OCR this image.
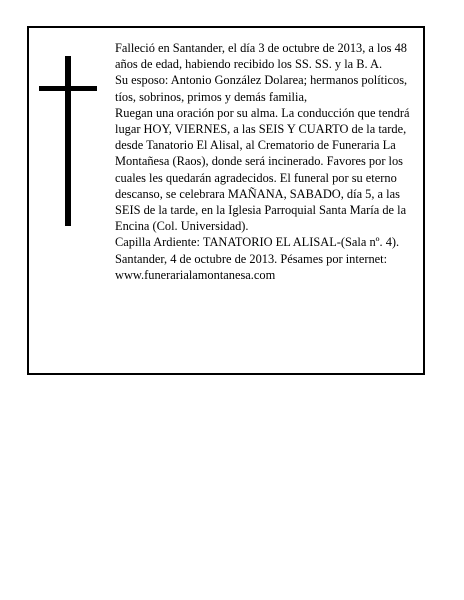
Falleció en Santander, el día 3 de octubre de 2013, a los 48 años de edad, habiendo recibido los SS. SS. y la B. A.

Su esposo: Antonio González Dolarea; hermanos políticos, tíos, sobrinos, primos y demás familia,

Ruegan una oración por su alma. La conducción que tendrá lugar HOY, VIERNES, a las SEIS Y CUARTO de la tarde, desde Tanatorio El Alisal, al Crematorio de Funeraria La Montañesa (Raos), donde será incinerado. Favores por los cuales les quedarán agradecidos. El funeral por su eterno descanso, se celebrara MAÑANA, SABADO, día 5, a las SEIS de la tarde, en la Iglesia Parroquial Santa María de la Encina (Col. Universidad).

Capilla Ardiente: TANATORIO EL ALISAL-(Sala nº. 4).

Santander, 4 de octubre de 2013. Pésames por internet: www.funerarialamontanesa.com
